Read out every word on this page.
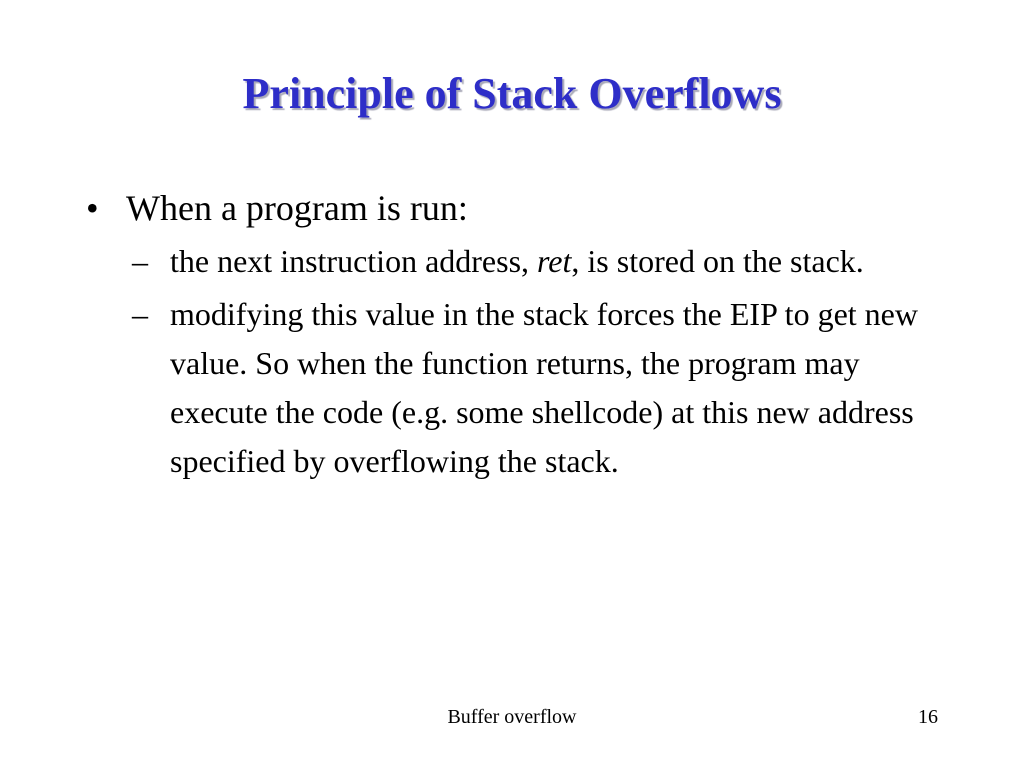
Principle of Stack Overflows
• When a program is run:
– the next instruction address, ret, is stored on the stack.
– modifying this value in the stack forces the EIP to get new value. So when the function returns, the program may execute the code (e.g. some shellcode) at this new address specified by overflowing the stack.
Buffer overflow	16
